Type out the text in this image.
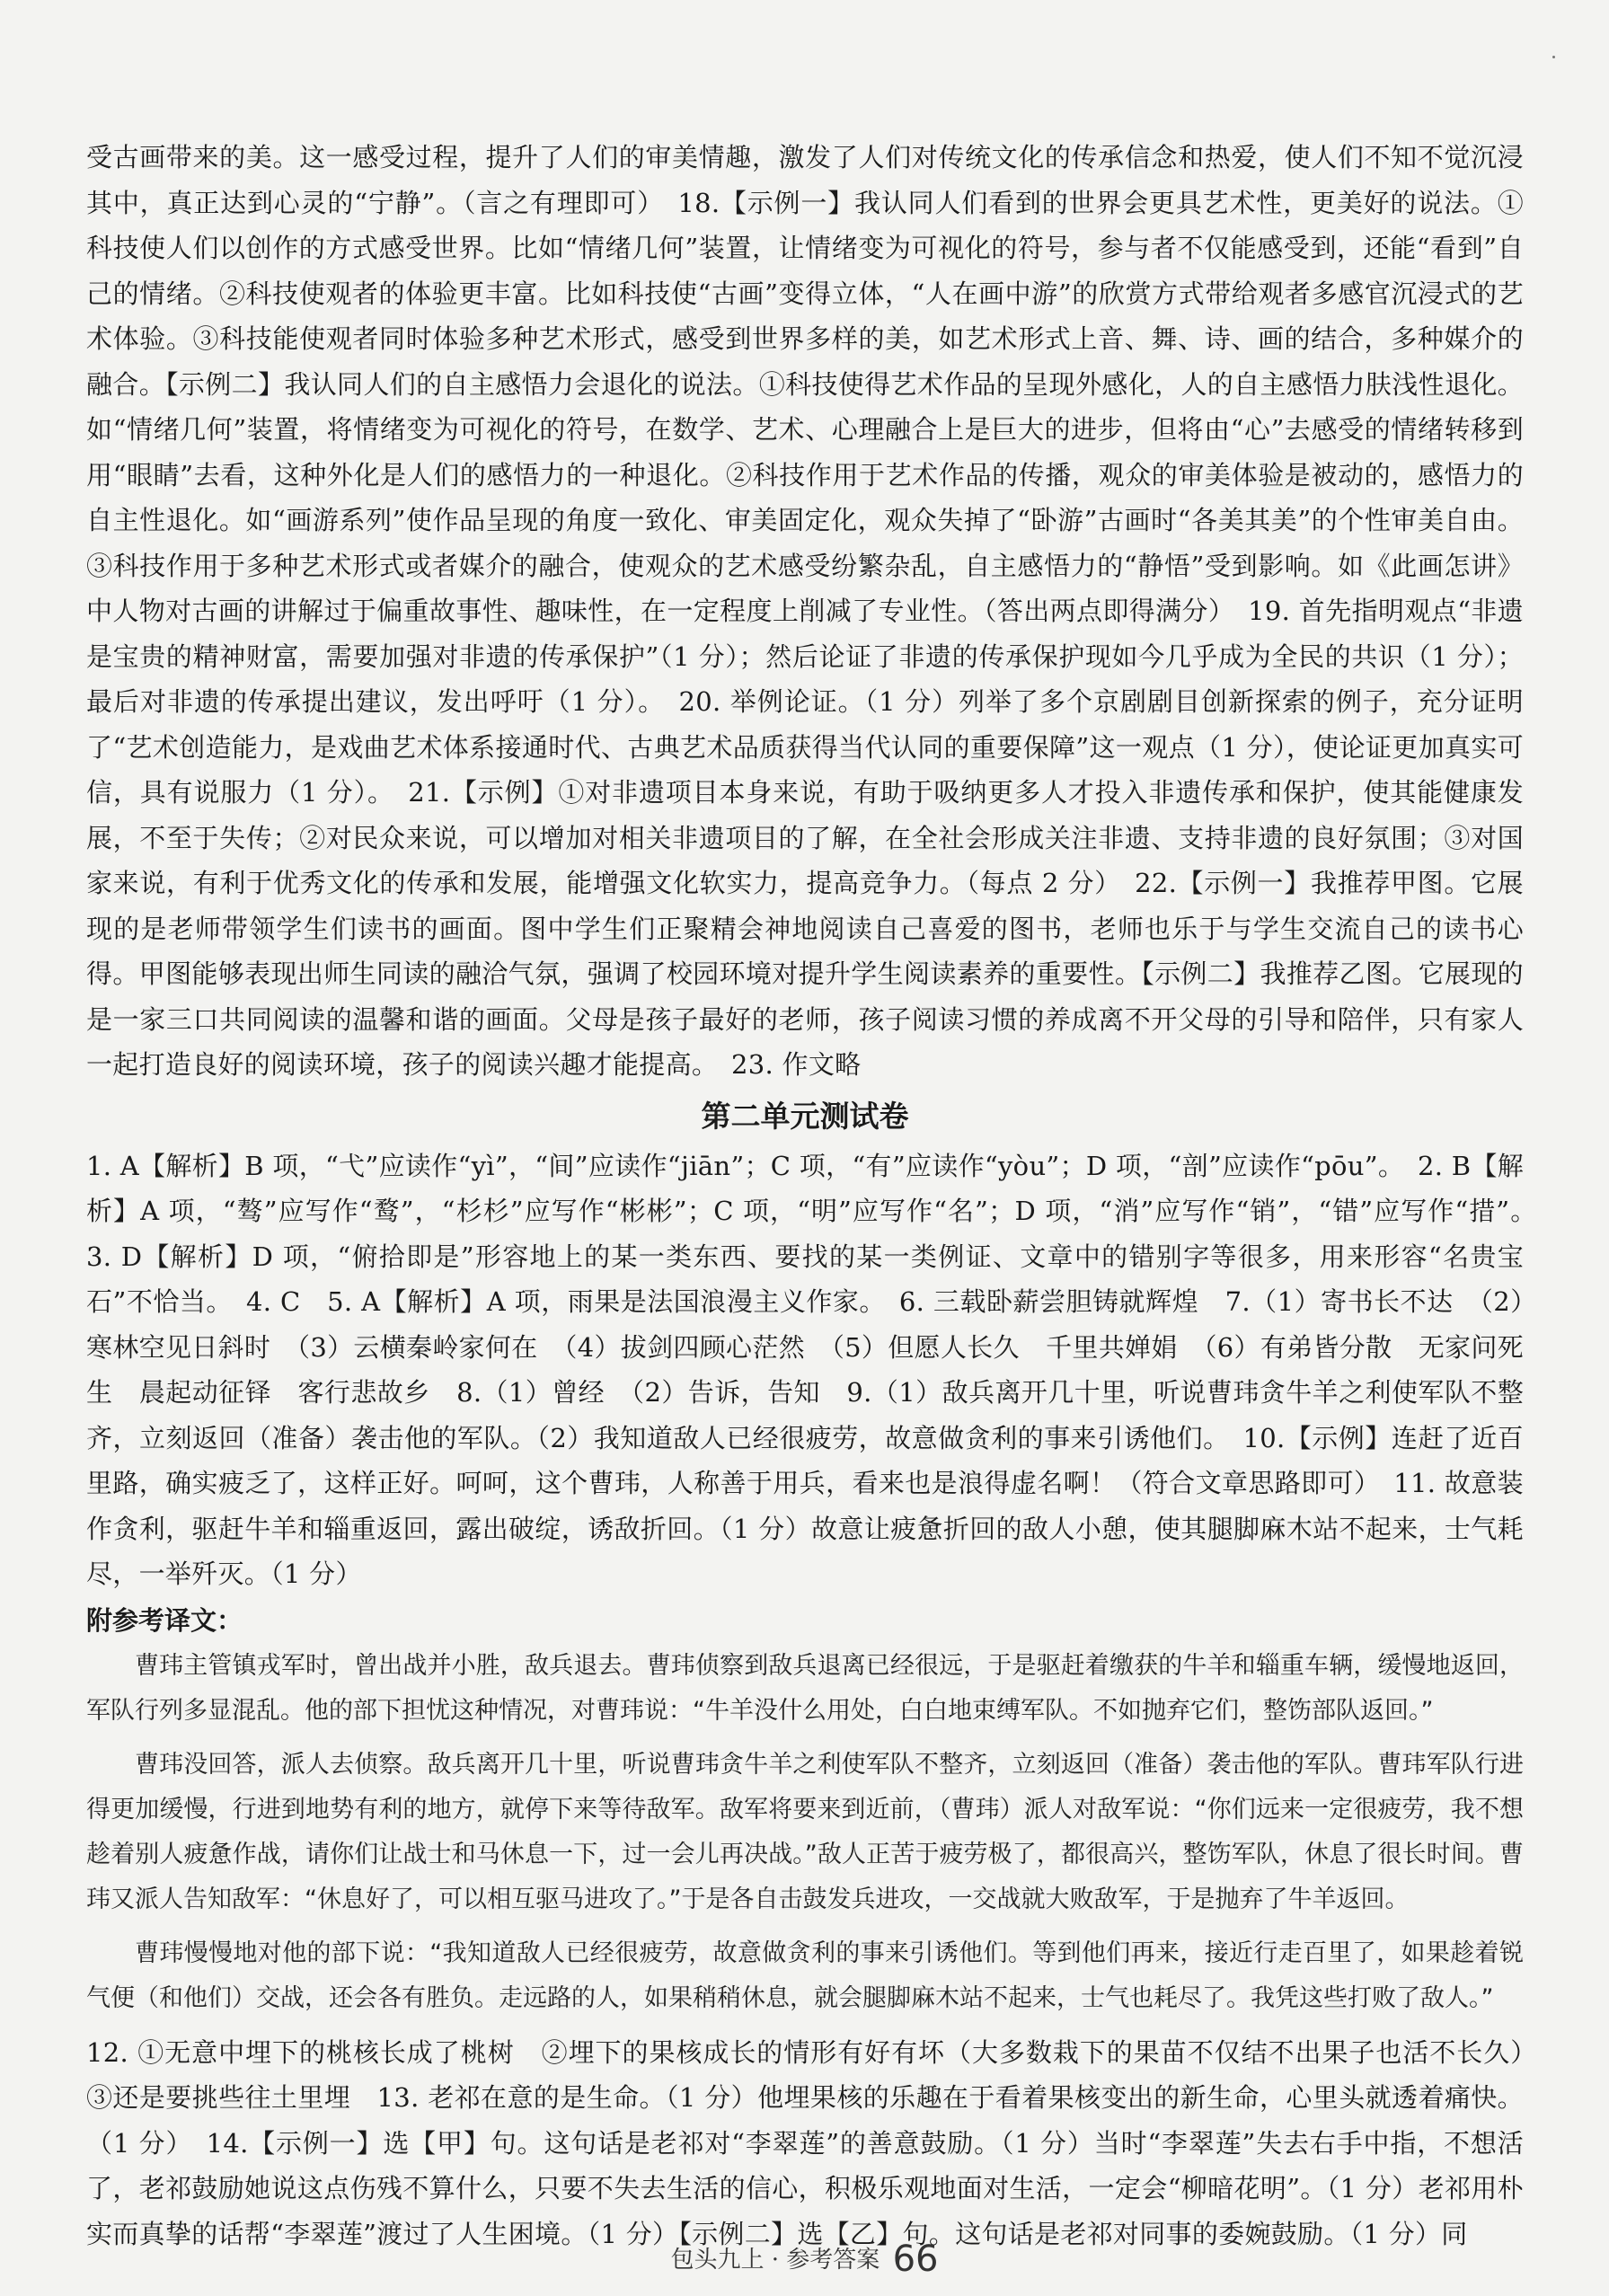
受古画带来的美。这一感受过程，提升了人们的审美情趣，激发了人们对传统文化的传承信念和热爱，使人们不知不觉沉浸其中，真正达到心灵的“宁静”。（言之有理即可）　18.【示例一】我认同人们看到的世界会更具艺术性，更美好的说法。①科技使人们以创作的方式感受世界。比如“情绪几何”装置，让情绪变为可视化的符号，参与者不仅能感受到，还能“看到”自己的情绪。②科技使观者的体验更丰富。比如科技使“古画”变得立体，“人在画中游”的欣赏方式带给观者多感官沉浸式的艺术体验。③科技能使观者同时体验多种艺术形式，感受到世界多样的美，如艺术形式上音、舞、诗、画的结合，多种媒介的融合。【示例二】我认同人们的自主感悟力会退化的说法。①科技使得艺术作品的呈现外感化，人的自主感悟力肤浅性退化。如“情绪几何”装置，将情绪变为可视化的符号，在数学、艺术、心理融合上是巨大的进步，但将由“心”去感受的情绪转移到用“眼睛”去看，这种外化是人们的感悟力的一种退化。②科技作用于艺术作品的传播，观众的审美体验是被动的，感悟力的自主性退化。如“画游系列”使作品呈现的角度一致化、审美固定化，观众失掉了“卧游”古画时“各美其美”的个性审美自由。③科技作用于多种艺术形式或者媒介的融合，使观众的艺术感受纷繁杂乱，自主感悟力的“静悟”受到影响。如《此画怎讲》中人物对古画的讲解过于偏重故事性、趣味性，在一定程度上削减了专业性。（答出两点即得满分）　19. 首先指明观点“非遗是宝贵的精神财富，需要加强对非遗的传承保护”（1 分）；然后论证了非遗的传承保护现如今几乎成为全民的共识（1 分）；最后对非遗的传承提出建议，发出呼吁（1 分）。　20. 举例论证。（1 分）列举了多个京剧剧目创新探索的例子，充分证明了“艺术创造能力，是戏曲艺术体系接通时代、古典艺术品质获得当代认同的重要保障”这一观点（1 分），使论证更加真实可信，具有说服力（1 分）。　21.【示例】①对非遗项目本身来说，有助于吸纳更多人才投入非遗传承和保护，使其能健康发展，不至于失传；②对民众来说，可以增加对相关非遗项目的了解，在全社会形成关注非遗、支持非遗的良好氛围；③对国家来说，有利于优秀文化的传承和发展，能增强文化软实力，提高竞争力。（每点 2 分）　22.【示例一】我推荐甲图。它展现的是老师带领学生们读书的画面。图中学生们正聚精会神地阅读自己喜爱的图书，老师也乐于与学生交流自己的读书心得。甲图能够表现出师生同读的融洽气氛，强调了校园环境对提升学生阅读素养的重要性。【示例二】我推荐乙图。它展现的是一家三口共同阅读的温馨和谐的画面。父母是孩子最好的老师，孩子阅读习惯的养成离不开父母的引导和陪伴，只有家人一起打造良好的阅读环境，孩子的阅读兴趣才能提高。　23. 作文略

第二单元测试卷

1. A【解析】B 项，“弋”应读作“yì”，“间”应读作“jiān”；C 项，“有”应读作“yòu”；D 项，“剖”应读作“pōu”。　2. B【解析】A 项，“骜”应写作“鹜”，“杉杉”应写作“彬彬”；C 项，“明”应写作“名”；D 项，“消”应写作“销”，“错”应写作“措”。　3. D【解析】D 项，“俯拾即是”形容地上的某一类东西、要找的某一类例证、文章中的错别字等很多，用来形容“名贵宝石”不恰当。　4. C　5. A【解析】A 项，雨果是法国浪漫主义作家。　6. 三载卧薪尝胆铸就辉煌　7.（1）寄书长不达　（2）寒林空见日斜时　（3）云横秦岭家何在　（4）拔剑四顾心茫然　（5）但愿人长久　千里共婵娟　（6）有弟皆分散　无家问死生　晨起动征铎　客行悲故乡　8.（1）曾经　（2）告诉，告知　9.（1）敌兵离开几十里，听说曹玮贪牛羊之利使军队不整齐，立刻返回（准备）袭击他的军队。（2）我知道敌人已经很疲劳，故意做贪利的事来引诱他们。　10.【示例】连赶了近百里路，确实疲乏了，这样正好。呵呵，这个曹玮，人称善于用兵，看来也是浪得虚名啊！（符合文章思路即可）　11. 故意装作贪利，驱赶牛羊和辎重返回，露出破绽，诱敌折回。（1 分）故意让疲惫折回的敌人小憩，使其腿脚麻木站不起来，士气耗尽，一举歼灭。（1 分）

附参考译文：

曹玮主管镇戎军时，曾出战并小胜，敌兵退去。曹玮侦察到敌兵退离已经很远，于是驱赶着缴获的牛羊和辎重车辆，缓慢地返回，军队行列多显混乱。他的部下担忧这种情况，对曹玮说：“牛羊没什么用处，白白地束缚军队。不如抛弃它们，整饬部队返回。”

曹玮没回答，派人去侦察。敌兵离开几十里，听说曹玮贪牛羊之利使军队不整齐，立刻返回（准备）袭击他的军队。曹玮军队行进得更加缓慢，行进到地势有利的地方，就停下来等待敌军。敌军将要来到近前，（曹玮）派人对敌军说：“你们远来一定很疲劳，我不想趁着别人疲惫作战，请你们让战士和马休息一下，过一会儿再决战。”敌人正苦于疲劳极了，都很高兴，整饬军队，休息了很长时间。曹玮又派人告知敌军：“休息好了，可以相互驱马进攻了。”于是各自击鼓发兵进攻，一交战就大败敌军，于是抛弃了牛羊返回。

曹玮慢慢地对他的部下说：“我知道敌人已经很疲劳，故意做贪利的事来引诱他们。等到他们再来，接近行走百里了，如果趁着锐气便（和他们）交战，还会各有胜负。走远路的人，如果稍稍休息，就会腿脚麻木站不起来，士气也耗尽了。我凭这些打败了敌人。”

12. ①无意中埋下的桃核长成了桃树　②埋下的果核成长的情形有好有坏（大多数栽下的果苗不仅结不出果子也活不长久）　③还是要挑些往土里埋　13. 老祁在意的是生命。（1 分）他埋果核的乐趣在于看着果核变出的新生命，心里头就透着痛快。（1 分）　14.【示例一】选【甲】句。这句话是老祁对“李翠莲”的善意鼓励。（1 分）当时“李翠莲”失去右手中指，不想活了，老祁鼓励她说这点伤残不算什么，只要不失去生活的信心，积极乐观地面对生活，一定会“柳暗花明”。（1 分）老祁用朴实而真挚的话帮“李翠莲”渡过了人生困境。（1 分）【示例二】选【乙】句。这句话是老祁对同事的委婉鼓励。（1 分）同

包头九上 · 参考答案 66
